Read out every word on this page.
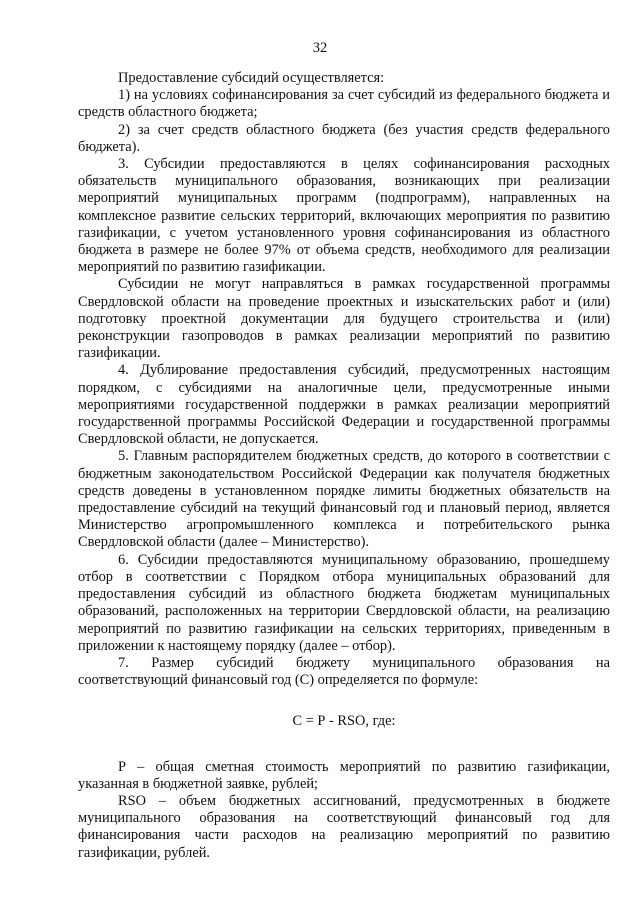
32

Предоставление субсидий осуществляется:

1) на условиях софинансирования за счет субсидий из федерального бюджета и средств областного бюджета;

2) за счет средств областного бюджета (без участия средств федерального бюджета).

3. Субсидии предоставляются в целях софинансирования расходных обязательств муниципального образования, возникающих при реализации мероприятий муниципальных программ (подпрограмм), направленных на комплексное развитие сельских территорий, включающих мероприятия по развитию газификации, с учетом установленного уровня софинансирования из областного бюджета в размере не более 97% от объема средств, необходимого для реализации мероприятий по развитию газификации.

Субсидии не могут направляться в рамках государственной программы Свердловской области на проведение проектных и изыскательских работ и (или) подготовку проектной документации для будущего строительства и (или) реконструкции газопроводов в рамках реализации мероприятий по развитию газификации.

4. Дублирование предоставления субсидий, предусмотренных настоящим порядком, с субсидиями на аналогичные цели, предусмотренные иными мероприятиями государственной поддержки в рамках реализации мероприятий государственной программы Российской Федерации и государственной программы Свердловской области, не допускается.

5. Главным распорядителем бюджетных средств, до которого в соответствии с бюджетным законодательством Российской Федерации как получателя бюджетных средств доведены в установленном порядке лимиты бюджетных обязательств на предоставление субсидий на текущий финансовый год и плановый период, является Министерство агропромышленного комплекса и потребительского рынка Свердловской области (далее – Министерство).

6. Субсидии предоставляются муниципальному образованию, прошедшему отбор в соответствии с Порядком отбора муниципальных образований для предоставления субсидий из областного бюджета бюджетам муниципальных образований, расположенных на территории Свердловской области, на реализацию мероприятий по развитию газификации на сельских территориях, приведенным в приложении к настоящему порядку (далее – отбор).

7. Размер субсидий бюджету муниципального образования на соответствующий финансовый год (С) определяется по формуле:

С = Р - RSO, где:

Р – общая сметная стоимость мероприятий по развитию газификации, указанная в бюджетной заявке, рублей;

RSO – объем бюджетных ассигнований, предусмотренных в бюджете муниципального образования на соответствующий финансовый год для финансирования части расходов на реализацию мероприятий по развитию газификации, рублей.
